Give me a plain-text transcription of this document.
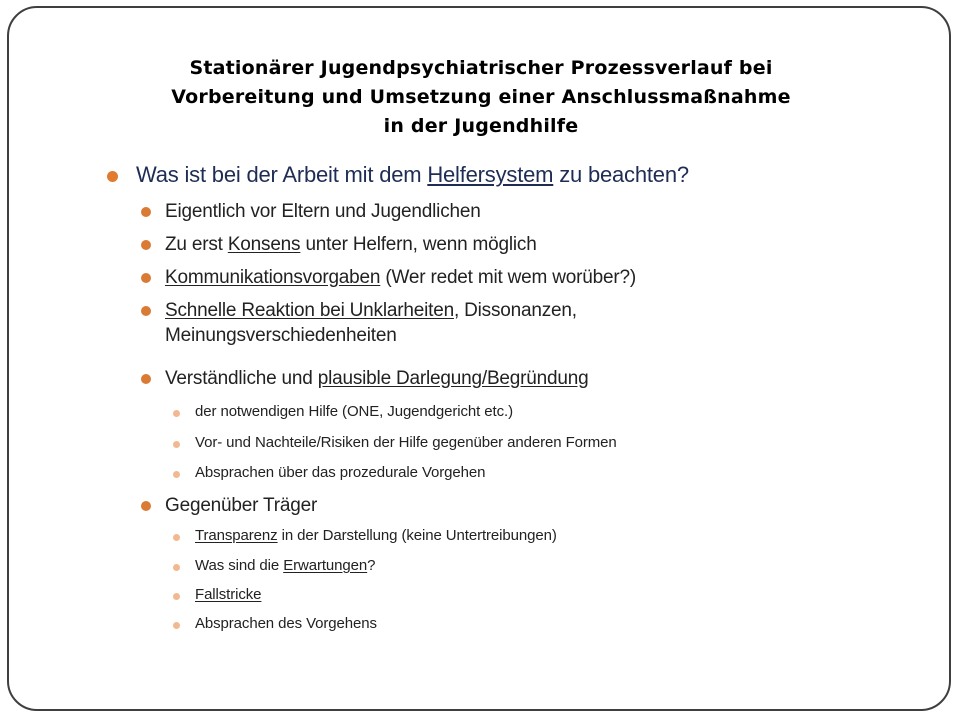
Stationärer Jugendpsychiatrischer Prozessverlauf bei
Vorbereitung und Umsetzung einer Anschlussmaßnahme
in der Jugendhilfe
Was ist bei der Arbeit mit dem Helfersystem zu beachten?
Eigentlich vor Eltern und Jugendlichen
Zu erst Konsens unter Helfern, wenn möglich
Kommunikationsvorgaben (Wer redet mit wem worüber?)
Schnelle Reaktion bei Unklarheiten, Dissonanzen,
Meinungsverschiedenheiten
Verständliche und plausible Darlegung/Begründung
der notwendigen Hilfe (ONE, Jugendgericht etc.)
Vor- und Nachteile/Risiken der Hilfe gegenüber anderen Formen
Absprachen über das prozedurale Vorgehen
Gegenüber Träger
Transparenz in der Darstellung (keine Untertreibungen)
Was sind die Erwartungen?
Fallstricke
Absprachen des Vorgehens
